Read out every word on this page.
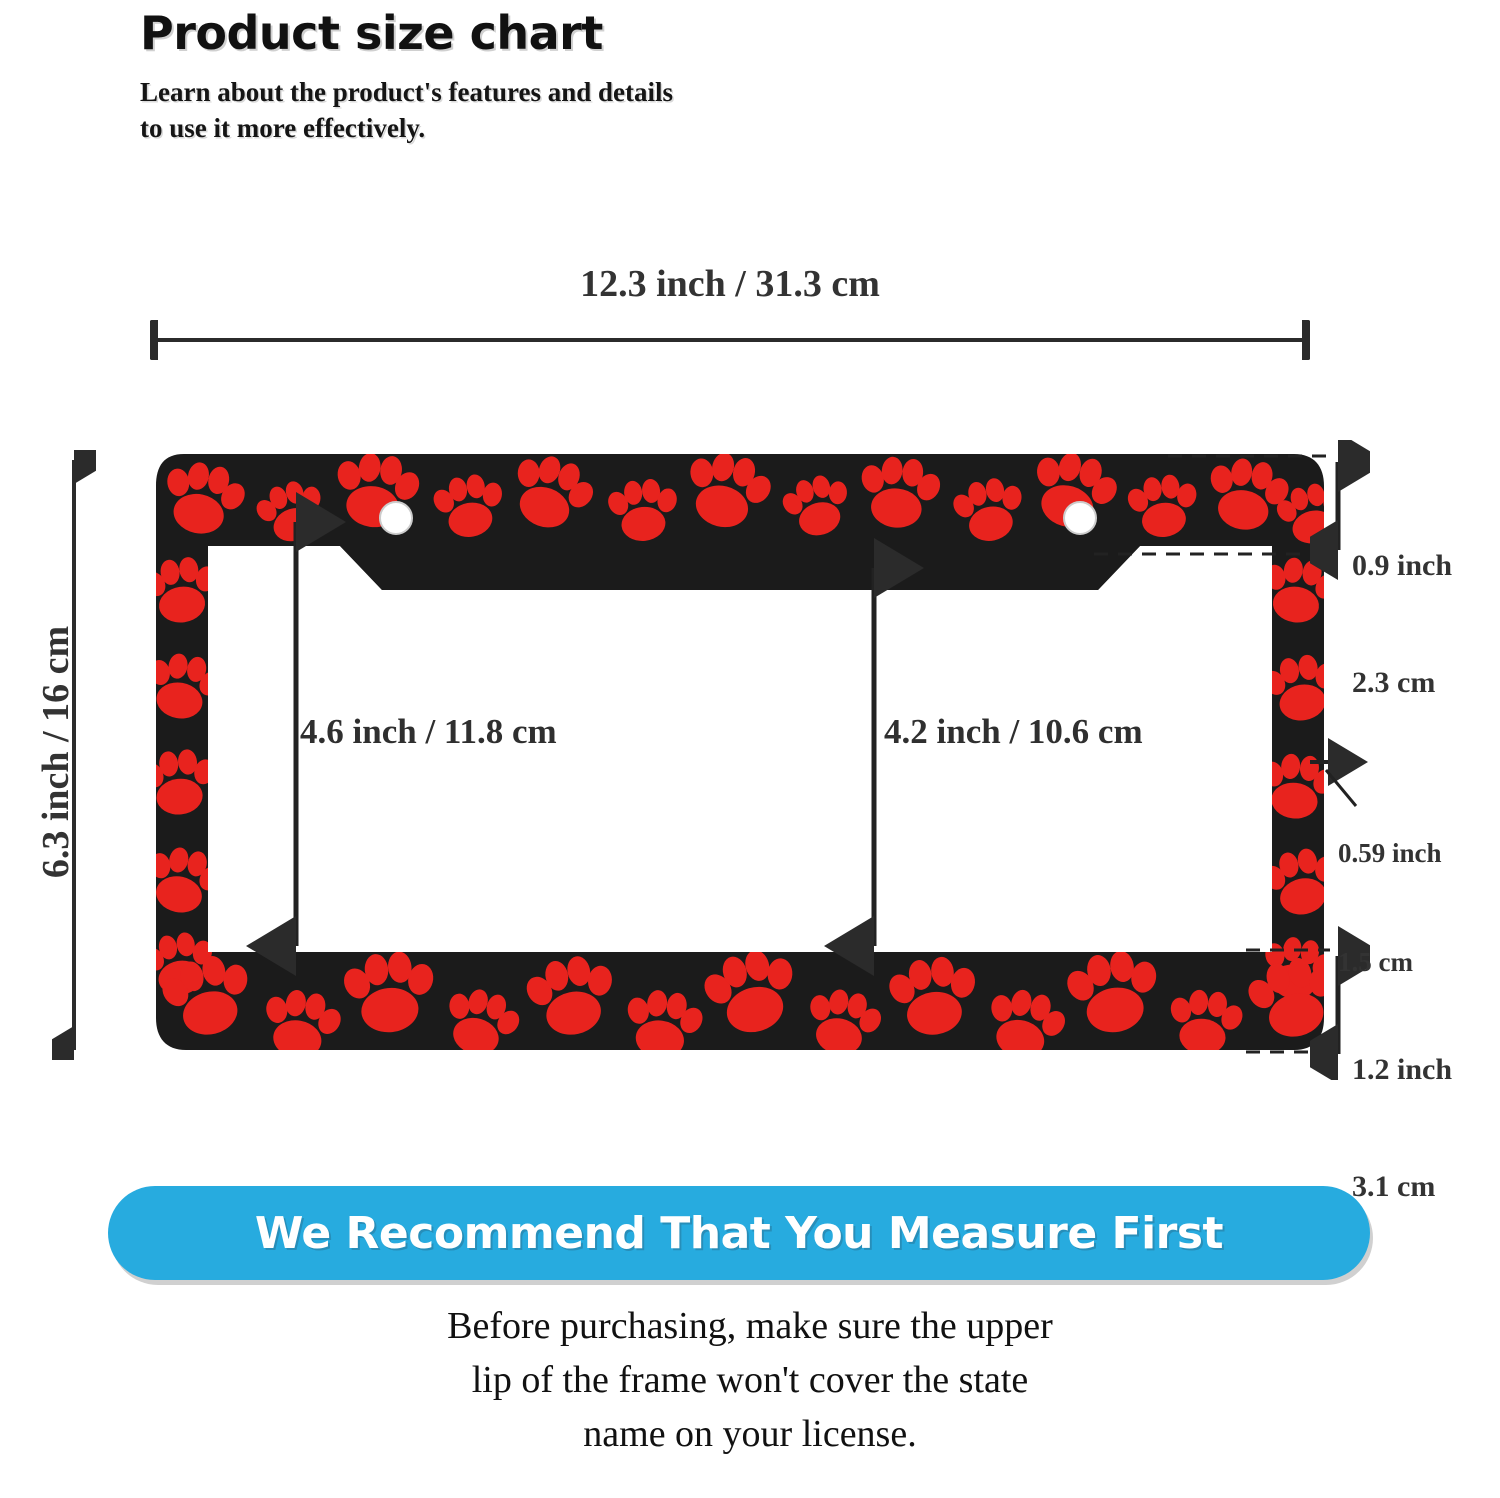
Product size chart
Learn about the product's features and details
to use it more effectively.
12.3 inch / 31.3 cm
6.3 inch / 16 cm	4.6 inch / 11.8 cm	4.2 inch / 10.6 cm

0.9 inch

2.3 cm

0.59 inch

1.5 cm

1.2 inch

3.1 cm

We Recommend That You Measure First
Before purchasing, make sure the upper
lip of the frame won't cover the state
name on your license.
